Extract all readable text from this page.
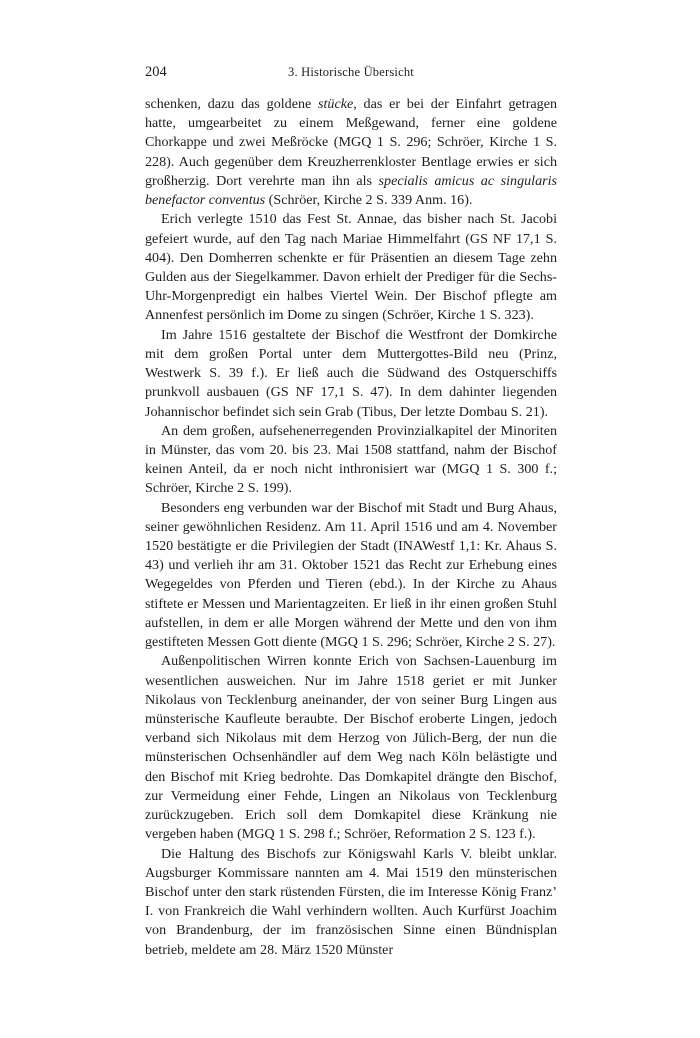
204	3. Historische Übersicht

schenken, dazu das goldene stücke, das er bei der Einfahrt getragen hatte, umgearbeitet zu einem Meßgewand, ferner eine goldene Chorkappe und zwei Meßröcke (MGQ 1 S. 296; Schröer, Kirche 1 S. 228). Auch gegenüber dem Kreuzherrenkloster Bentlage erwies er sich großherzig. Dort verehrte man ihn als specialis amicus ac singularis benefactor conventus (Schröer, Kirche 2 S. 339 Anm. 16).

Erich verlegte 1510 das Fest St. Annae, das bisher nach St. Jacobi gefeiert wurde, auf den Tag nach Mariae Himmelfahrt (GS NF 17,1 S. 404). Den Domherren schenkte er für Präsentien an diesem Tage zehn Gulden aus der Siegelkammer. Davon erhielt der Prediger für die Sechs-Uhr-Morgenpredigt ein halbes Viertel Wein. Der Bischof pflegte am Annenfest persönlich im Dome zu singen (Schröer, Kirche 1 S. 323).

Im Jahre 1516 gestaltete der Bischof die Westfront der Domkirche mit dem großen Portal unter dem Muttergottes-Bild neu (Prinz, Westwerk S. 39 f.). Er ließ auch die Südwand des Ostquerschiffs prunkvoll ausbauen (GS NF 17,1 S. 47). In dem dahinter liegenden Johannischor befindet sich sein Grab (Tibus, Der letzte Dombau S. 21).

An dem großen, aufsehenerregenden Provinzialkapitel der Minoriten in Münster, das vom 20. bis 23. Mai 1508 stattfand, nahm der Bischof keinen Anteil, da er noch nicht inthronisiert war (MGQ 1 S. 300 f.; Schröer, Kirche 2 S. 199).

Besonders eng verbunden war der Bischof mit Stadt und Burg Ahaus, seiner gewöhnlichen Residenz. Am 11. April 1516 und am 4. November 1520 bestätigte er die Privilegien der Stadt (INAWestf 1,1: Kr. Ahaus S. 43) und verlieh ihr am 31. Oktober 1521 das Recht zur Erhebung eines Wegegeldes von Pferden und Tieren (ebd.). In der Kirche zu Ahaus stiftete er Messen und Marientagzeiten. Er ließ in ihr einen großen Stuhl aufstellen, in dem er alle Morgen während der Mette und den von ihm gestifteten Messen Gott diente (MGQ 1 S. 296; Schröer, Kirche 2 S. 27).

Außenpolitischen Wirren konnte Erich von Sachsen-Lauenburg im wesentlichen ausweichen. Nur im Jahre 1518 geriet er mit Junker Nikolaus von Tecklenburg aneinander, der von seiner Burg Lingen aus münsterische Kaufleute beraubte. Der Bischof eroberte Lingen, jedoch verband sich Nikolaus mit dem Herzog von Jülich-Berg, der nun die münsterischen Ochsenhändler auf dem Weg nach Köln belästigte und den Bischof mit Krieg bedrohte. Das Domkapitel drängte den Bischof, zur Vermeidung einer Fehde, Lingen an Nikolaus von Tecklenburg zurückzugeben. Erich soll dem Domkapitel diese Kränkung nie vergeben haben (MGQ 1 S. 298 f.; Schröer, Reformation 2 S. 123 f.).

Die Haltung des Bischofs zur Königswahl Karls V. bleibt unklar. Augsburger Kommissare nannten am 4. Mai 1519 den münsterischen Bischof unter den stark rüstenden Fürsten, die im Interesse König Franz’ I. von Frankreich die Wahl verhindern wollten. Auch Kurfürst Joachim von Brandenburg, der im französischen Sinne einen Bündnisplan betrieb, meldete am 28. März 1520 Münster
